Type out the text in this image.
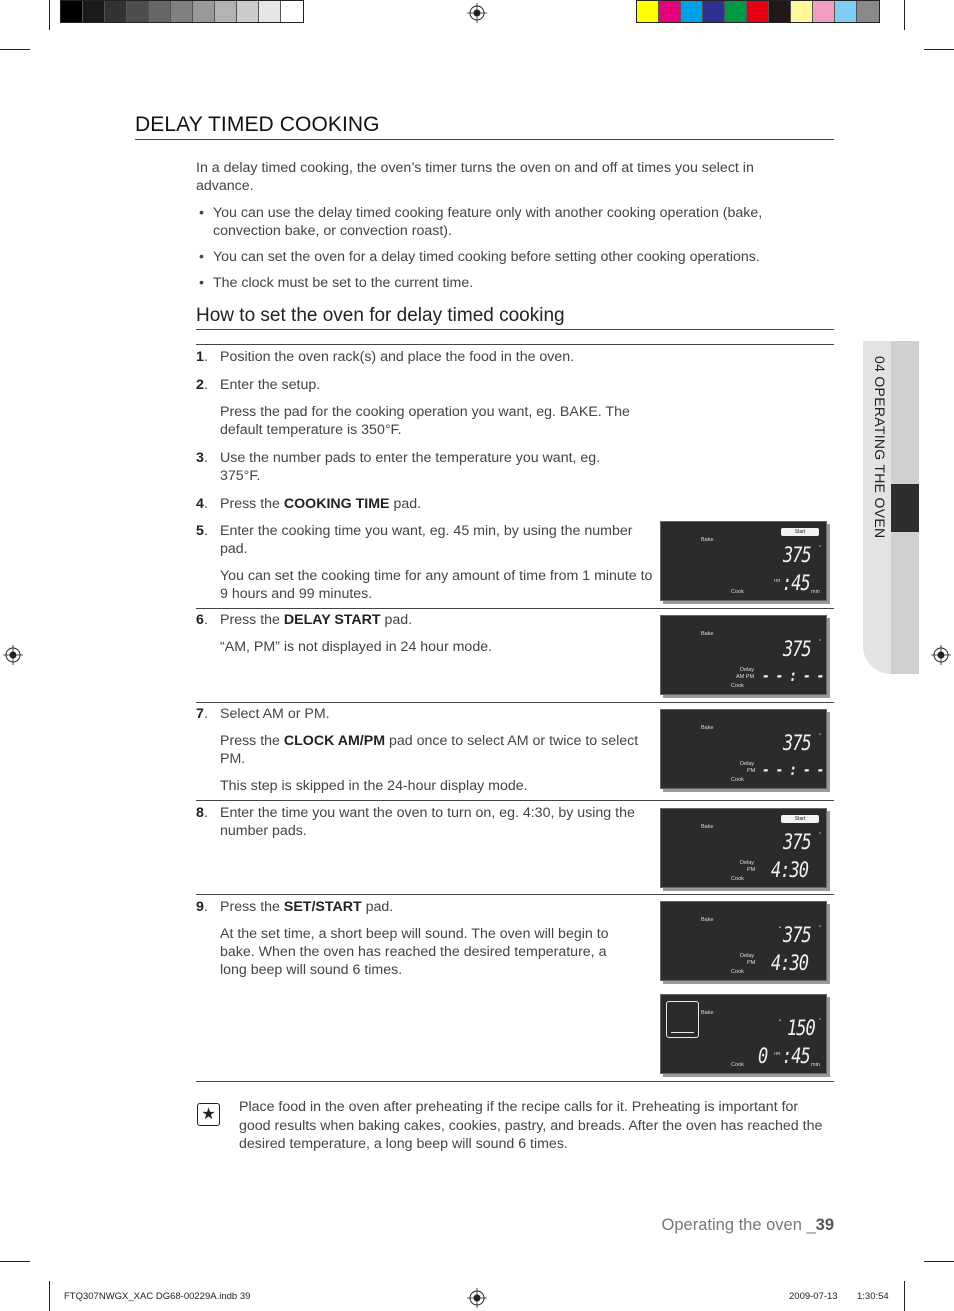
04 OPERATING THE OVEN
DELAY TIMED COOKING

In a delay timed cooking, the oven’s timer turns the oven on and off at times you select in advance.

• You can use the delay timed cooking feature only with another cooking operation (bake, convection bake, or convection roast).
• You can set the oven for a delay timed cooking before setting other cooking operations.
• The clock must be set to the current time.
How to set the oven for delay timed cooking
1 . Position the oven rack(s) and place the food in the oven.

2 . Enter the setup.

Press the pad for the cooking operation you want, eg. BAKE. The default temperature is 350°F.

3 . Use the number pads to enter the temperature you want, eg. 375°F.

4 . Press the COOKING TIME pad.

5 . Enter the cooking time you want, eg. 45 min, by using the number pad.

You can set the cooking time for any amount of time from 1 minute to 9 hours and 99 minutes.

6 . Press the DELAY START pad.

“AM, PM” is not displayed in 24 hour mode.

7 . Select AM or PM.

Press the CLOCK AM/PM pad once to select AM or twice to select PM.

This step is skipped in the 24-hour display mode.

8 . Enter the time you want the oven to turn on, eg. 4:30, by using the number pads.

9 . Press the SET/START pad.

At the set time, a short beep will sound. The oven will begin to bake. When the oven has reached the desired temperature, a long beep will sound 6 times.

Bake
Start
375 °
HR :45 min
Cook
Bake
375 °
Delay
AM PM
Cook
- - : - -
Bake
375 °
Delay
PM
Cook
- - : - -
Bake
Start
375 °
Delay
PM
Cook 4:30
Bake
• 375 °
Delay
PM
Cook 4:30
Bake
• 150 °
0 HR :45 min
Cook
★	Place food in the oven after preheating if the recipe calls for it. Preheating is important for good results when baking cakes, cookies, pastry, and breads. After the oven has reached the desired temperature, a long beep will sound 6 times.

Operating the oven _39
FTQ307NWGX_XAC DG68-00229A.indb 39	2009-07-13 1:30:54
